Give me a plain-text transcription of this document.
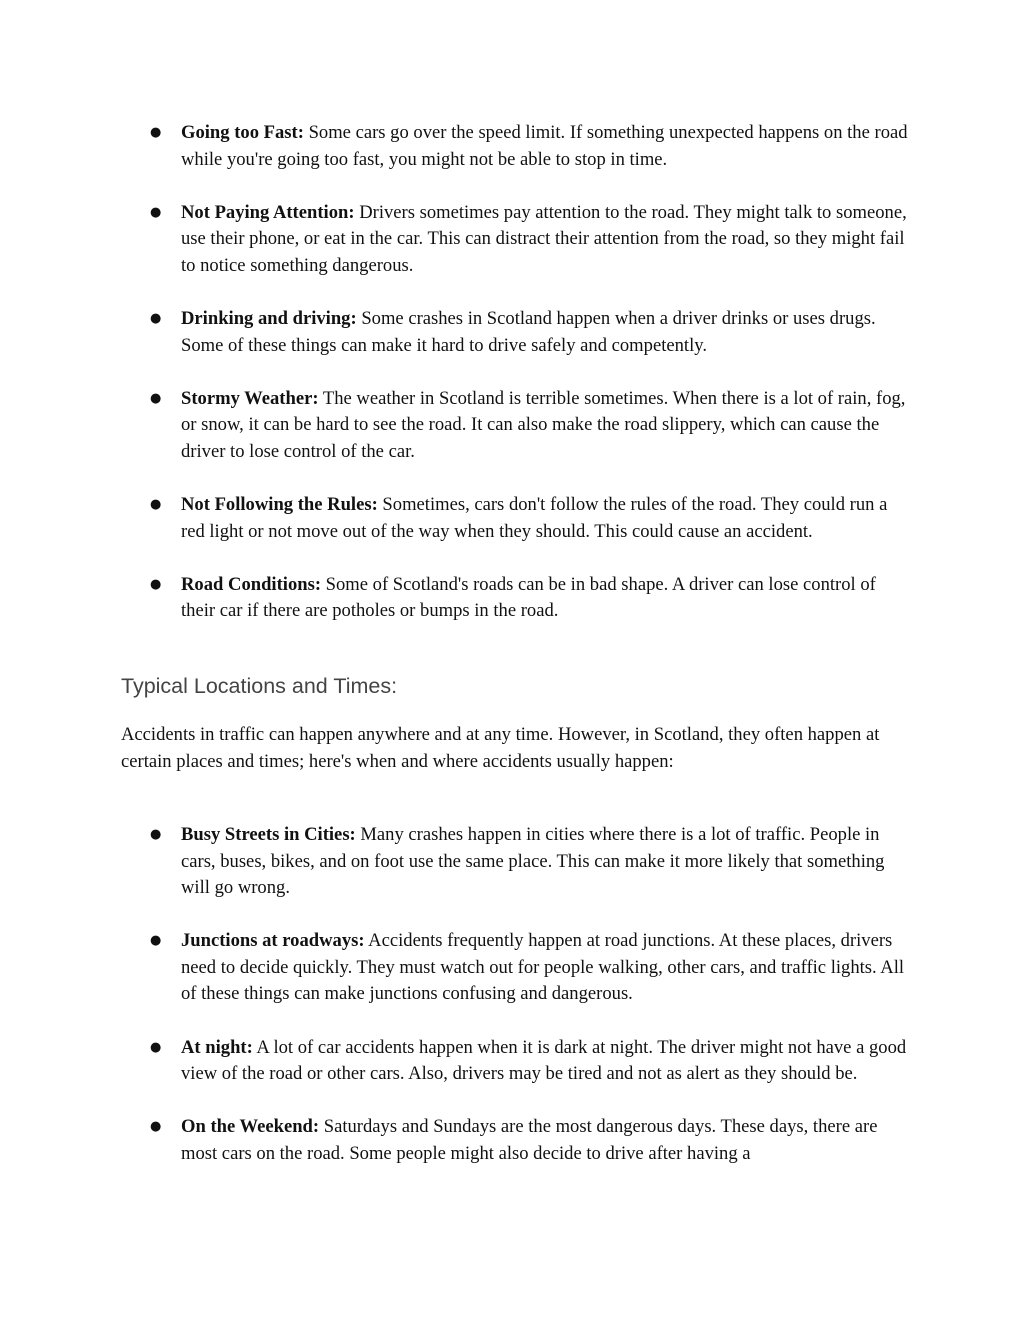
● Going too Fast: Some cars go over the speed limit. If something unexpected happens on the road while you're going too fast, you might not be able to stop in time.
● Not Paying Attention: Drivers sometimes pay attention to the road. They might talk to someone, use their phone, or eat in the car. This can distract their attention from the road, so they might fail to notice something dangerous.
● Drinking and driving: Some crashes in Scotland happen when a driver drinks or uses drugs. Some of these things can make it hard to drive safely and competently.
● Stormy Weather: The weather in Scotland is terrible sometimes. When there is a lot of rain, fog, or snow, it can be hard to see the road. It can also make the road slippery, which can cause the driver to lose control of the car.
● Not Following the Rules: Sometimes, cars don't follow the rules of the road. They could run a red light or not move out of the way when they should. This could cause an accident.
● Road Conditions: Some of Scotland's roads can be in bad shape. A driver can lose control of their car if there are potholes or bumps in the road.
Typical Locations and Times:

Accidents in traffic can happen anywhere and at any time. However, in Scotland, they often happen at certain places and times; here's when and where accidents usually happen:

● Busy Streets in Cities: Many crashes happen in cities where there is a lot of traffic. People in cars, buses, bikes, and on foot use the same place. This can make it more likely that something will go wrong.
● Junctions at roadways: Accidents frequently happen at road junctions. At these places, drivers need to decide quickly. They must watch out for people walking, other cars, and traffic lights. All of these things can make junctions confusing and dangerous.
● At night: A lot of car accidents happen when it is dark at night. The driver might not have a good view of the road or other cars. Also, drivers may be tired and not as alert as they should be.
● On the Weekend: Saturdays and Sundays are the most dangerous days. These days, there are most cars on the road. Some people might also decide to drive after having a
